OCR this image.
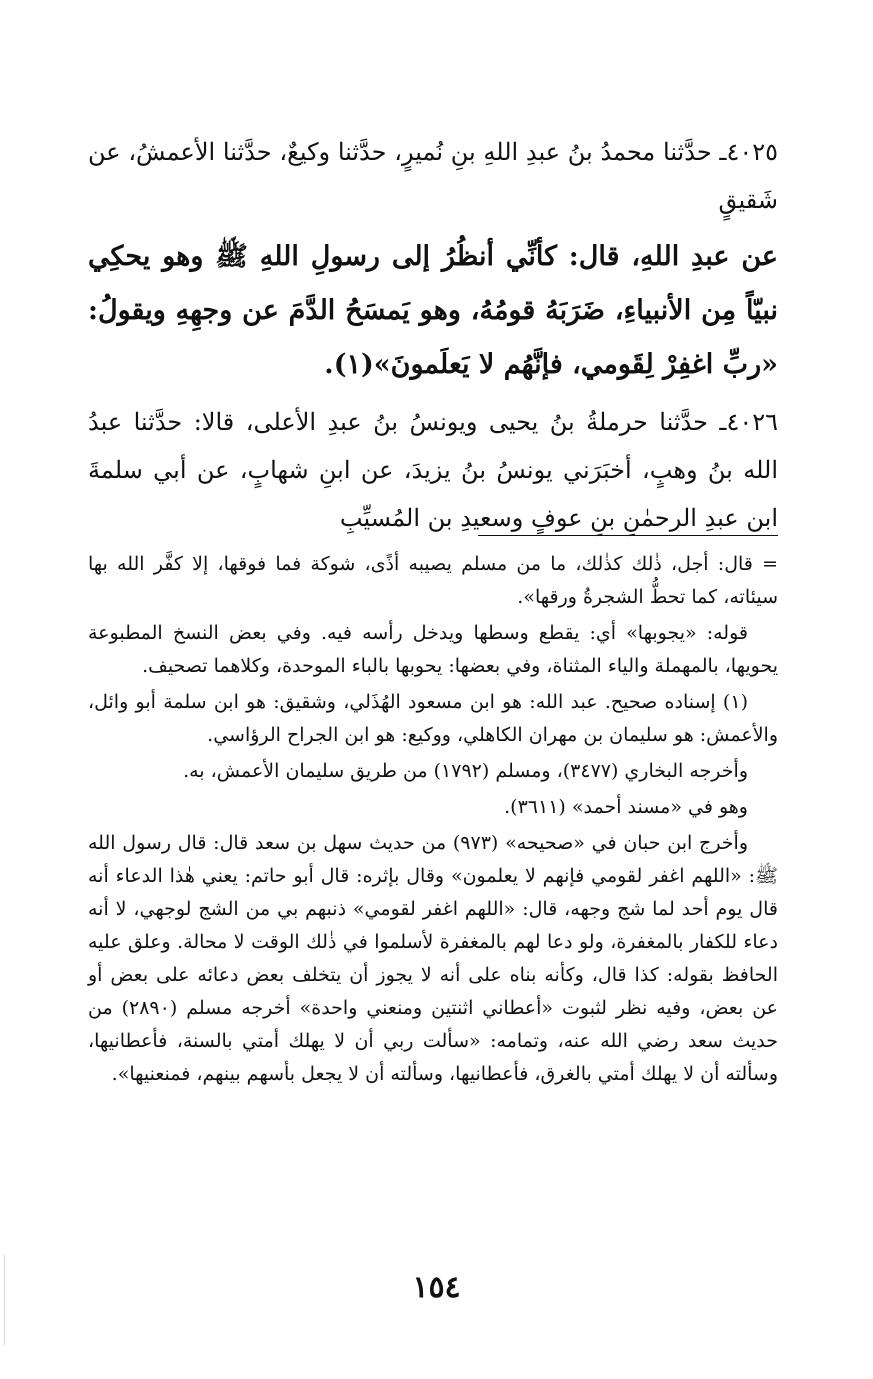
٤٠٢٥ـ حدَّثنا محمدُ بنُ عبدِ اللهِ بنِ نُميرٍ، حدَّثنا وكيعٌ، حدَّثنا الأعمشُ، عن شَقيقٍ

عن عبدِ اللهِ، قال: كأنِّي أنظُرُ إلى رسولِ اللهِ ﷺ وهو يحكِي نبيّاً مِن الأنبياءِ، ضَرَبَهُ قومُهُ، وهو يَمسَحُ الدَّمَ عن وجهِهِ ويقولُ: «ربِّ اغفِرْ لِقَومي، فإنَّهُم لا يَعلَمونَ»(١).

٤٠٢٦ـ حدَّثنا حرملةُ بنُ يحيى ويونسُ بنُ عبدِ الأعلى، قالا: حدَّثنا عبدُ الله بنُ وهبٍ، أخبَرَني يونسُ بنُ يزيدَ، عن ابنِ شهابٍ، عن أبي سلمةَ ابن عبدِ الرحمٰنِ بنِ عوفٍ وسعيدِ بن المُسيِّبِ

= قال: أجل، ذٰلك كذٰلك، ما من مسلم يصيبه أذًى، شوكة فما فوقها، إلا كفَّر الله بها سيئاته، كما تحطُّ الشجرةُ ورقها».

قوله: «يجوبها» أي: يقطع وسطها ويدخل رأسه فيه. وفي بعض النسخ المطبوعة يحويها، بالمهملة والياء المثناة، وفي بعضها: يحوبها بالباء الموحدة، وكلاهما تصحيف.

(١) إسناده صحيح. عبد الله: هو ابن مسعود الهُذَلي، وشقيق: هو ابن سلمة أبو وائل، والأعمش: هو سليمان بن مهران الكاهلي، ووكيع: هو ابن الجراح الرؤاسي.

وأخرجه البخاري (٣٤٧٧)، ومسلم (١٧٩٢) من طريق سليمان الأعمش، به.

وهو في «مسند أحمد» (٣٦١١).

وأخرج ابن حبان في «صحيحه» (٩٧٣) من حديث سهل بن سعد قال: قال رسول الله ﷺ: «اللهم اغفر لقومي فإنهم لا يعلمون» وقال بإثره: قال أبو حاتم: يعني هٰذا الدعاء أنه قال يوم أحد لما شج وجهه، قال: «اللهم اغفر لقومي» ذنبهم بي من الشج لوجهي، لا أنه دعاء للكفار بالمغفرة، ولو دعا لهم بالمغفرة لأسلموا في ذٰلك الوقت لا محالة. وعلق عليه الحافظ بقوله: كذا قال، وكأنه بناه على أنه لا يجوز أن يتخلف بعض دعائه على بعض أو عن بعض، وفيه نظر لثبوت «أعطاني اثنتين ومنعني واحدة» أخرجه مسلم (٢٨٩٠) من حديث سعد رضي الله عنه، وتمامه: «سألت ربي أن لا يهلك أمتي بالسنة، فأعطانيها، وسألته أن لا يهلك أمتي بالغرق، فأعطانيها، وسألته أن لا يجعل بأسهم بينهم، فمنعنيها».

١٥٤
